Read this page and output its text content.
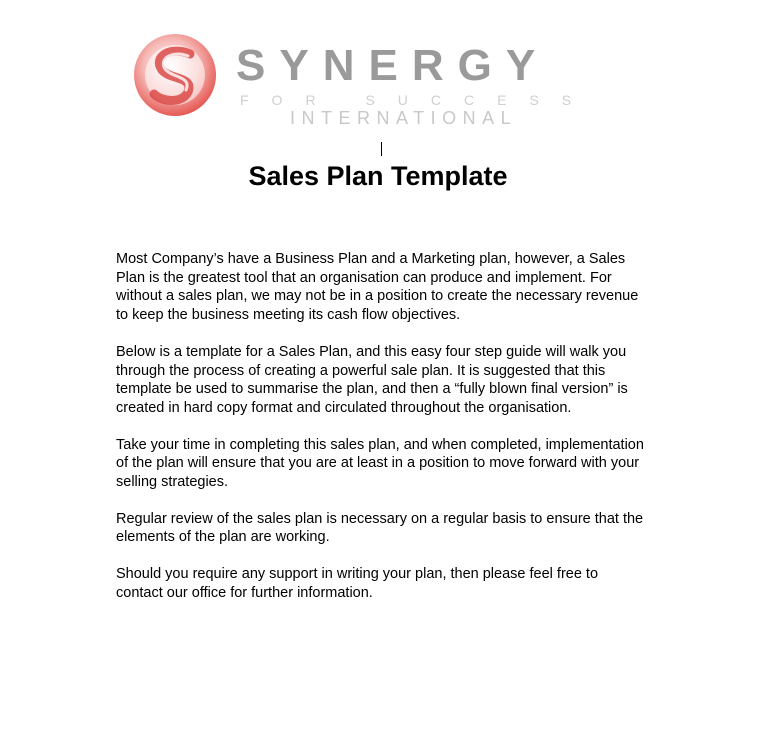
SYNERGY
FOR SUCCESS
INTERNATIONAL
Sales Plan Template

Most Company’s have a Business Plan and a Marketing plan, however, a Sales Plan is the greatest tool that an organisation can produce and implement. For without a sales plan, we may not be in a position to create the necessary revenue to keep the business meeting its cash flow objectives.

Below is a template for a Sales Plan, and this easy four step guide will walk you through the process of creating a powerful sale plan. It is suggested that this template be used to summarise the plan, and then a “fully blown final version” is created in hard copy format and circulated throughout the organisation.

Take your time in completing this sales plan, and when completed, implementation of the plan will ensure that you are at least in a position to move forward with your selling strategies.

Regular review of the sales plan is necessary on a regular basis to ensure that the elements of the plan are working.

Should you require any support in writing your plan, then please feel free to contact our office for further information.
